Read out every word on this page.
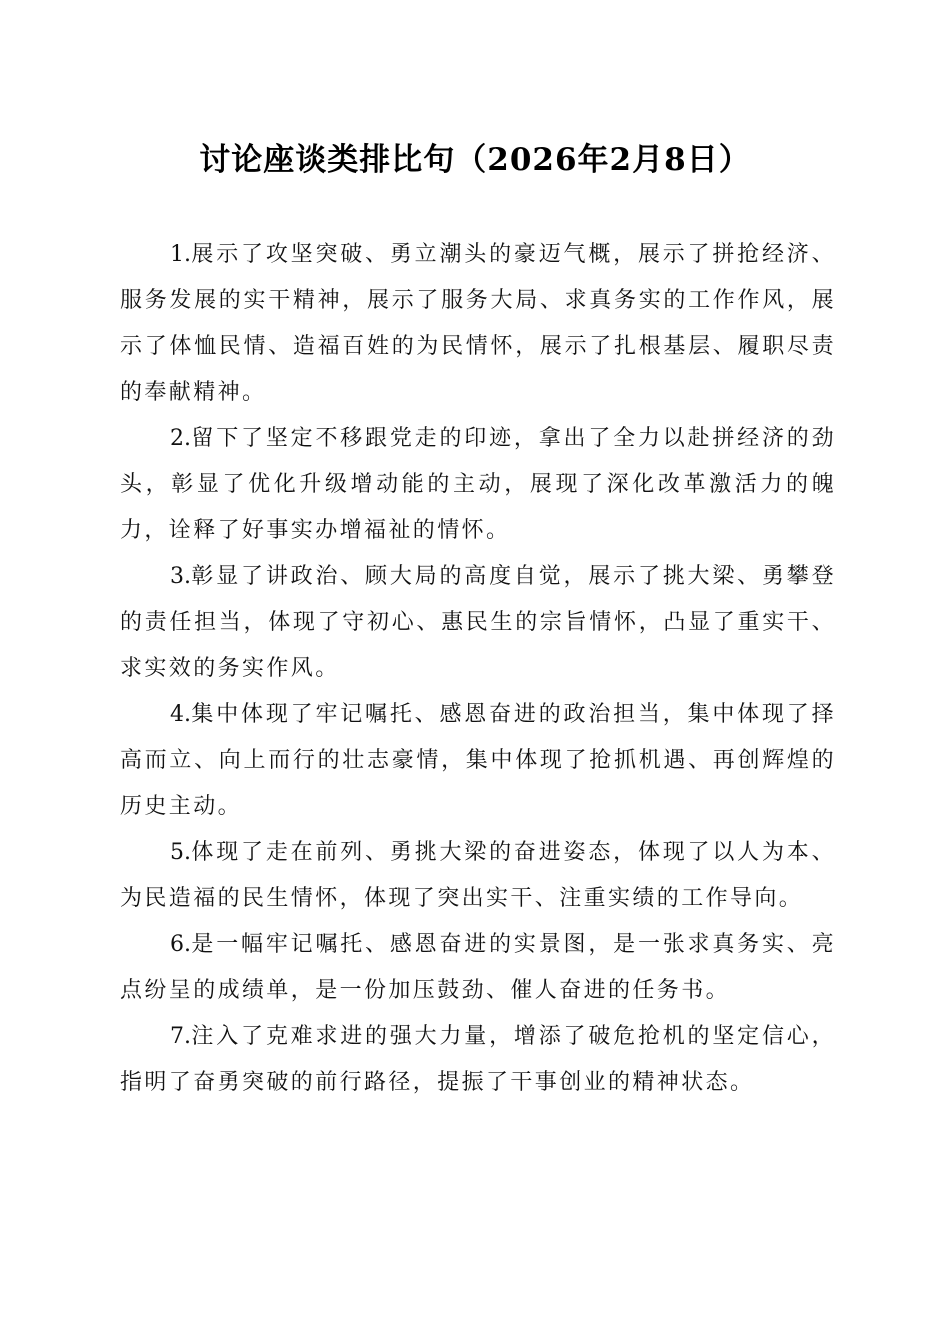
讨论座谈类排比句（2026年2月8日）

1.展示了攻坚突破、勇立潮头的豪迈气概，展示了拼抢经济、服务发展的实干精神，展示了服务大局、求真务实的工作作风，展示了体恤民情、造福百姓的为民情怀，展示了扎根基层、履职尽责的奉献精神。

2.留下了坚定不移跟党走的印迹，拿出了全力以赴拼经济的劲头，彰显了优化升级增动能的主动，展现了深化改革激活力的魄力，诠释了好事实办增福祉的情怀。

3.彰显了讲政治、顾大局的高度自觉，展示了挑大梁、勇攀登的责任担当，体现了守初心、惠民生的宗旨情怀，凸显了重实干、求实效的务实作风。

4.集中体现了牢记嘱托、感恩奋进的政治担当，集中体现了择高而立、向上而行的壮志豪情，集中体现了抢抓机遇、再创辉煌的历史主动。

5.体现了走在前列、勇挑大梁的奋进姿态，体现了以人为本、为民造福的民生情怀，体现了突出实干、注重实绩的工作导向。

6.是一幅牢记嘱托、感恩奋进的实景图，是一张求真务实、亮点纷呈的成绩单，是一份加压鼓劲、催人奋进的任务书。

7.注入了克难求进的强大力量，增添了破危抢机的坚定信心，指明了奋勇突破的前行路径，提振了干事创业的精神状态。
